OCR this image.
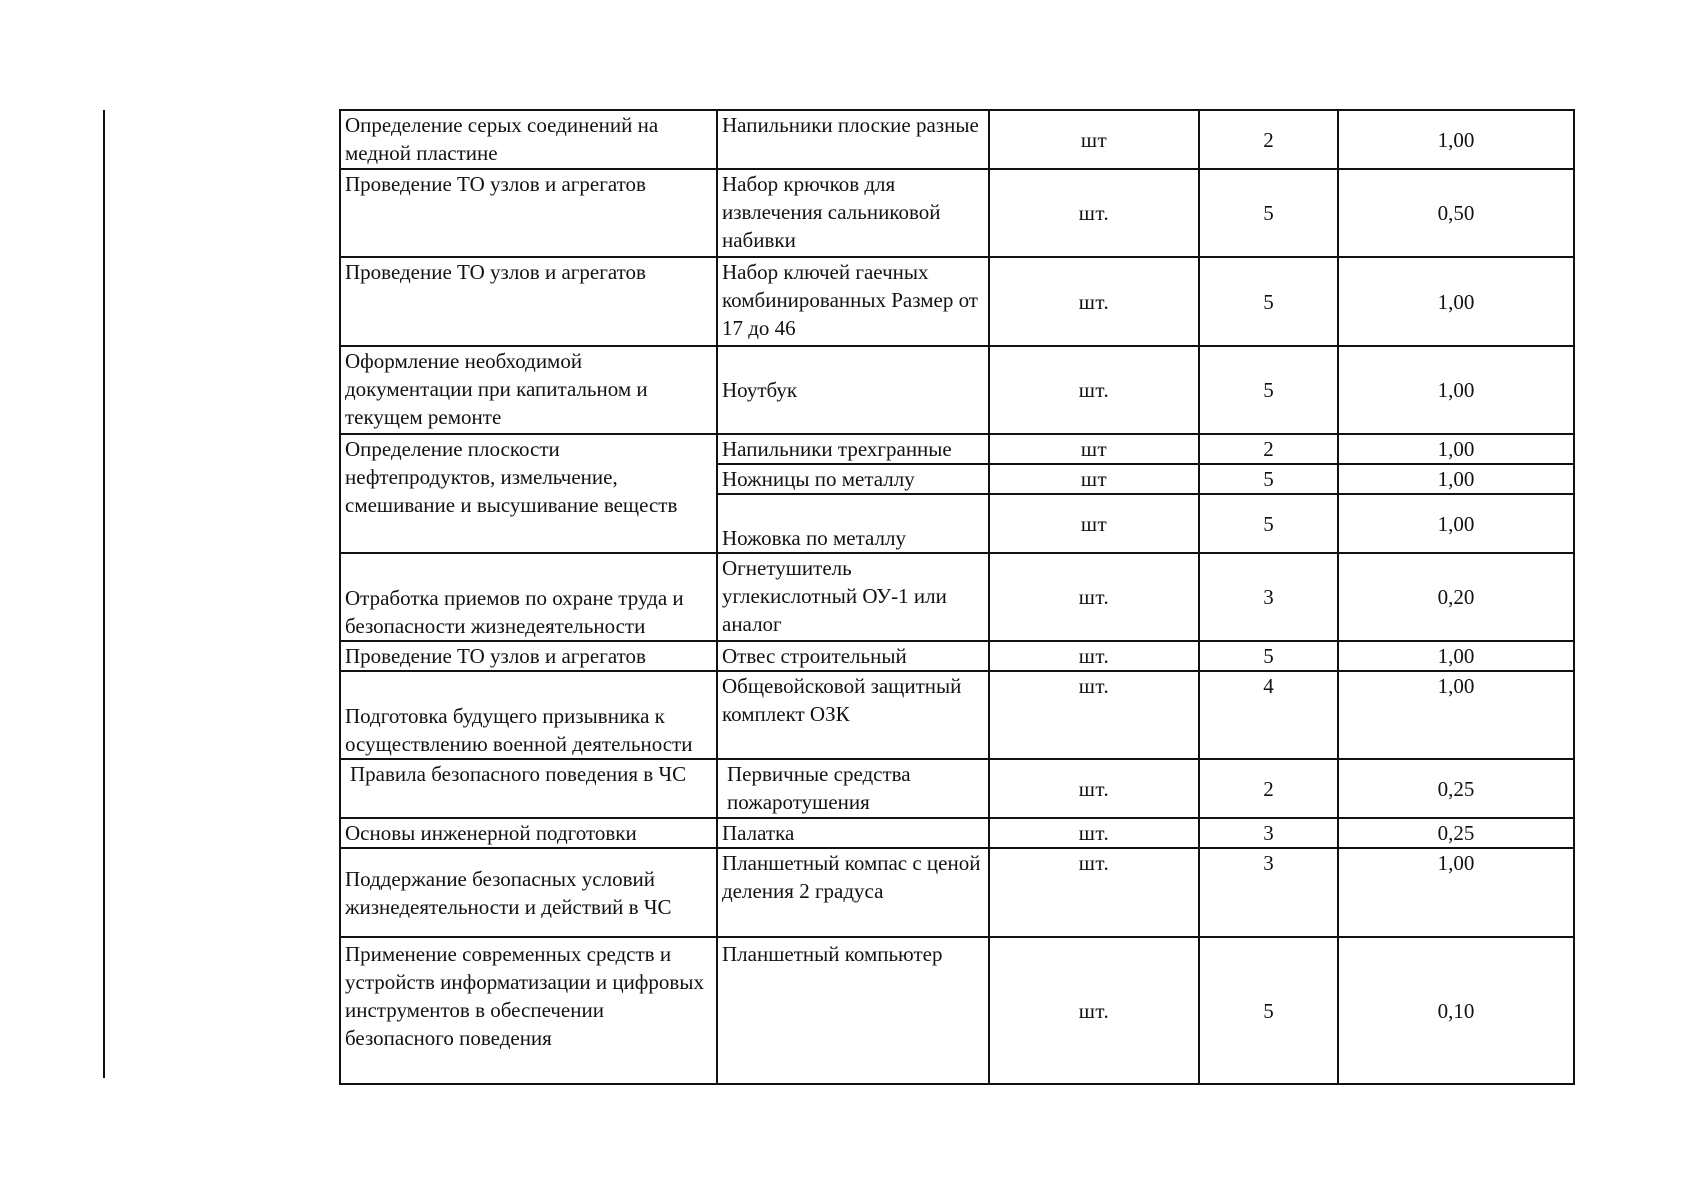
Определение серых соединений на медной пластине	Напильники плоские разные	шт	2	1,00
Проведение ТО узлов и агрегатов	Набор крючков для извлечения сальниковой набивки	шт.	5	0,50
Проведение ТО узлов и агрегатов	Набор ключей гаечных комбинированных Размер от 17 до 46	шт.	5	1,00
Оформление необходимой документации при капитальном и текущем ремонте	Ноутбук	шт.	5	1,00
Определение плоскости нефтепродуктов, измельчение, смешивание и высушивание веществ	Напильники трехгранные	шт	2	1,00
	Ножницы по металлу	шт	5	1,00
	Ножовка по металлу	шт	5	1,00
Отработка приемов по охране труда и безопасности жизнедеятельности	Огнетушитель углекислотный ОУ-1 или аналог	шт.	3	0,20
Проведение ТО узлов и агрегатов	Отвес строительный	шт.	5	1,00
Подготовка будущего призывника к осуществлению военной деятельности	Общевойсковой защитный комплект ОЗК	шт.	4	1,00
Правила безопасного поведения в ЧС	Первичные средства пожаротушения	шт.	2	0,25
Основы инженерной подготовки	Палатка	шт.	3	0,25
Поддержание безопасных условий жизнедеятельности и действий в ЧС	Планшетный компас с ценой деления 2 градуса	шт.	3	1,00
Применение современных средств и устройств информатизации и цифровых инструментов в обеспечении безопасного поведения	Планшетный компьютер	шт.	5	0,10
